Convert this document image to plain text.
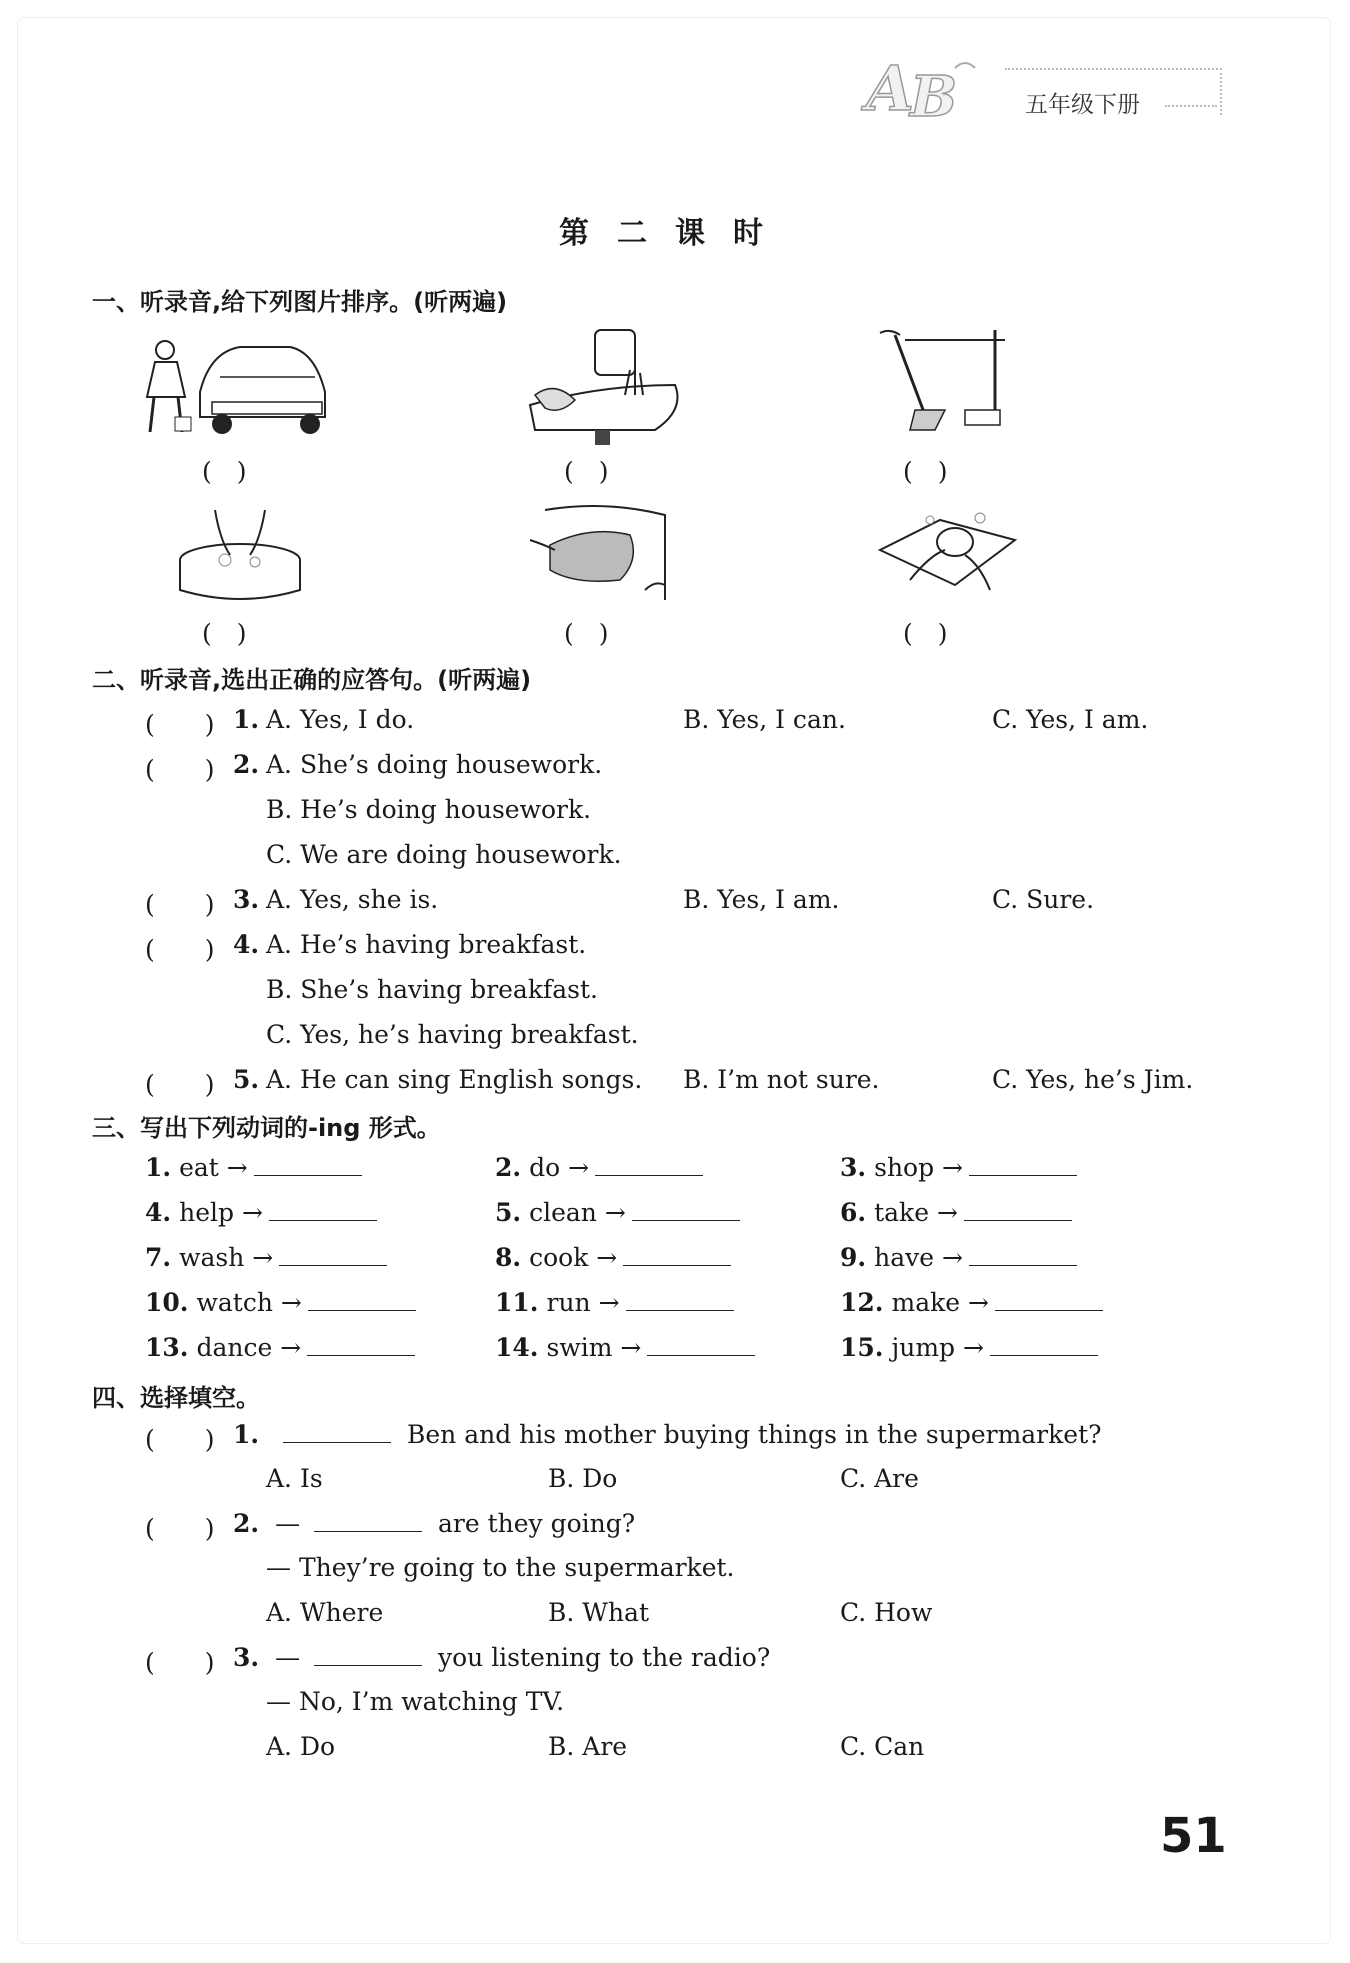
A
B	五年级下册
第二课时
一、听录音,给下列图片排序。(听两遍)
(　)	(　)	(　)
(　)	(　)	(　)
二、听录音,选出正确的应答句。(听两遍)
(　　) 1. A. Yes, I do.	B. Yes, I can.	C. Yes, I am.
(　　) 2. A. She’s doing housework.
B. He’s doing housework.
C. We are doing housework.
(　　) 3. A. Yes, she is.	B. Yes, I am.	C. Sure.
(　　) 4. A. He’s having breakfast.
B. She’s having breakfast.
C. Yes, he’s having breakfast.
(　　) 5. A. He can sing English songs. B. I’m not sure.	C. Yes, he’s Jim.
三、写出下列动词的-ing 形式。
1. eat →	2. do →	3. shop →
4. help →	5. clean →	6. take →
7. wash →	8. cook →	9. have →
10. watch →	11. run →	12. make →
13. dance →	14. swim →	15. jump →
四、选择填空。
(　　) 1.	Ben and his mother buying things in the supermarket?
A. Is	B. Do	C. Are
(　　) 2. —	are they going?
— They’re going to the supermarket.
A. Where	B. What	C. How
(　　) 3. —	you listening to the radio?
— No, I’m watching TV.
A. Do	B. Are	C. Can
51
